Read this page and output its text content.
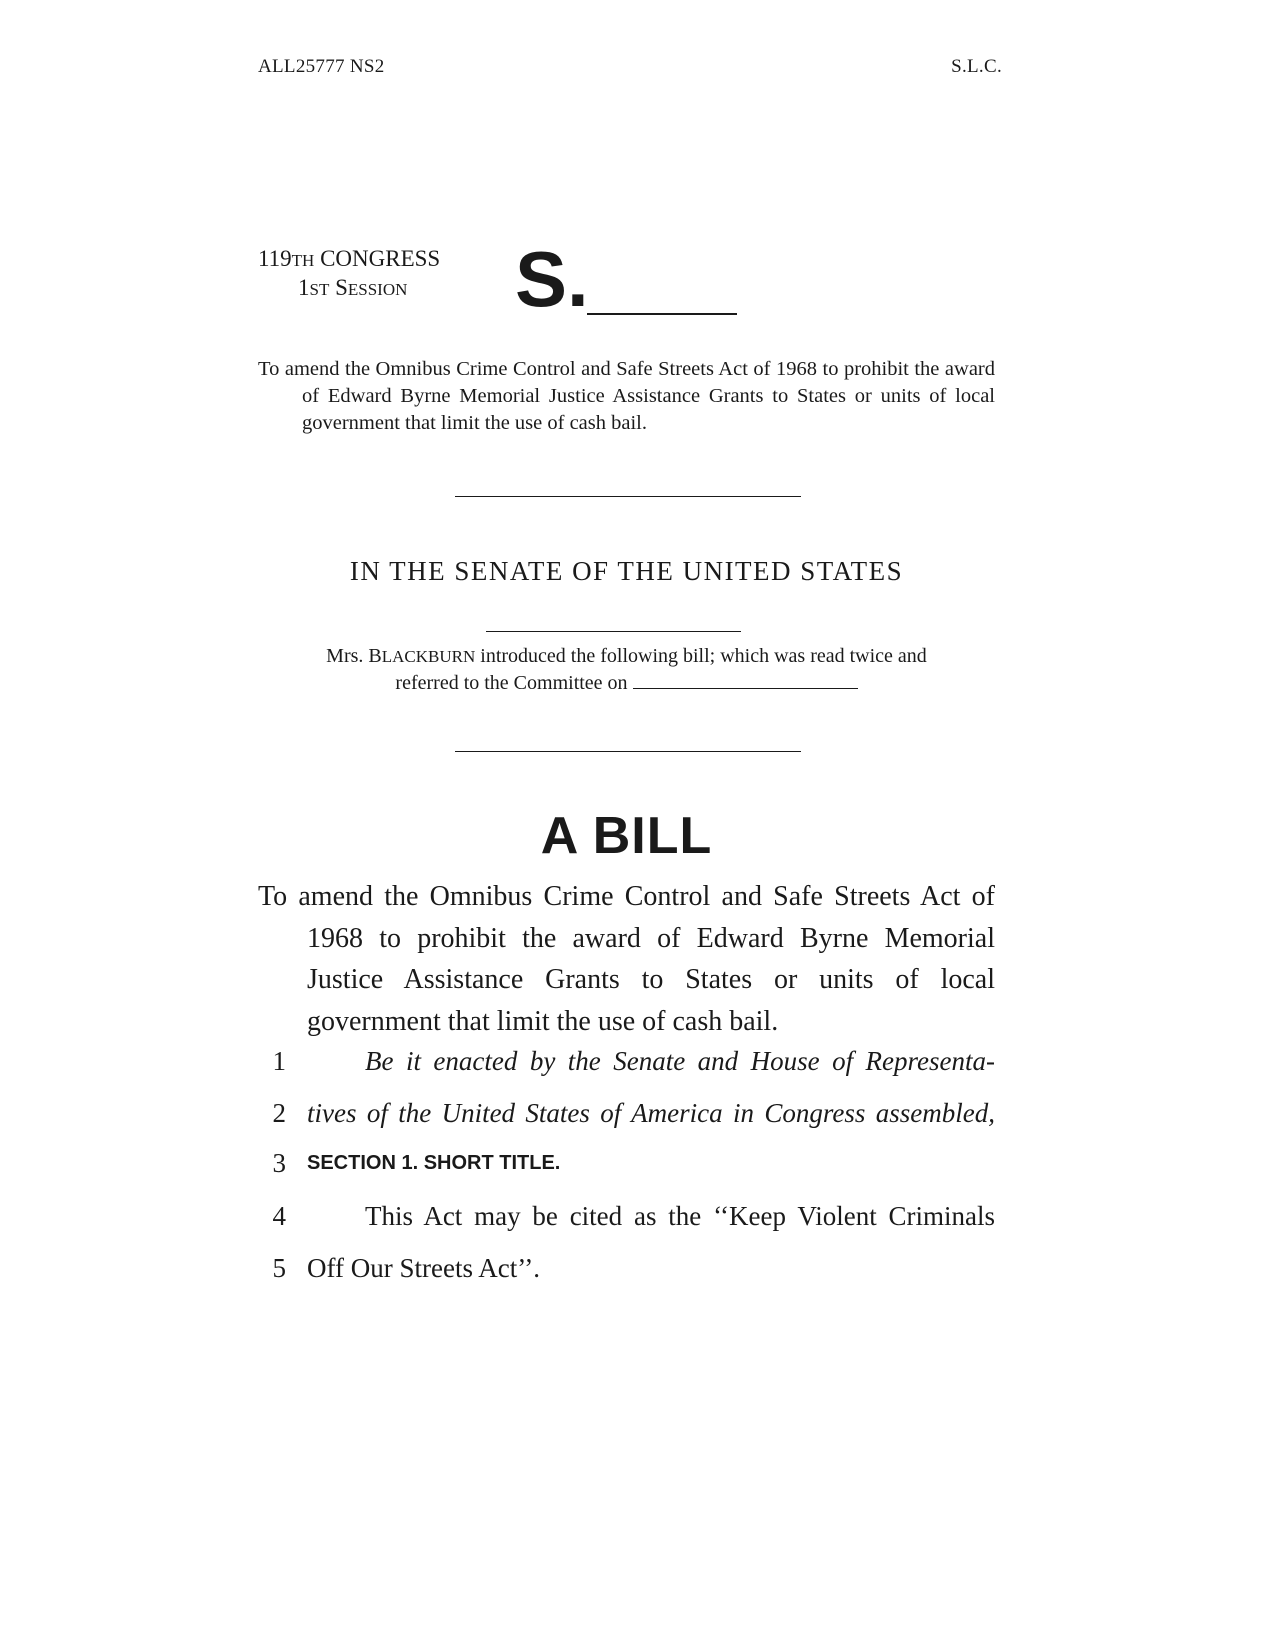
ALL25777 NS2	S.L.C.
119TH CONGRESS
1ST SESSION	S.
To amend the Omnibus Crime Control and Safe Streets Act of 1968 to prohibit the award of Edward Byrne Memorial Justice Assistance Grants to States or units of local government that limit the use of cash bail.
IN THE SENATE OF THE UNITED STATES
Mrs. BLACKBURN introduced the following bill; which was read twice and
referred to the Committee on
A BILL
To amend the Omnibus Crime Control and Safe Streets Act of 1968 to prohibit the award of Edward Byrne Memorial Justice Assistance Grants to States or units of local government that limit the use of cash bail.
1	Be it enacted by the Senate and House of Representa-
2 tives of the United States of America in Congress assembled,
3 SECTION 1. SHORT TITLE.
4	This Act may be cited as the ‘‘Keep Violent Criminals
5 Off Our Streets Act’’.
